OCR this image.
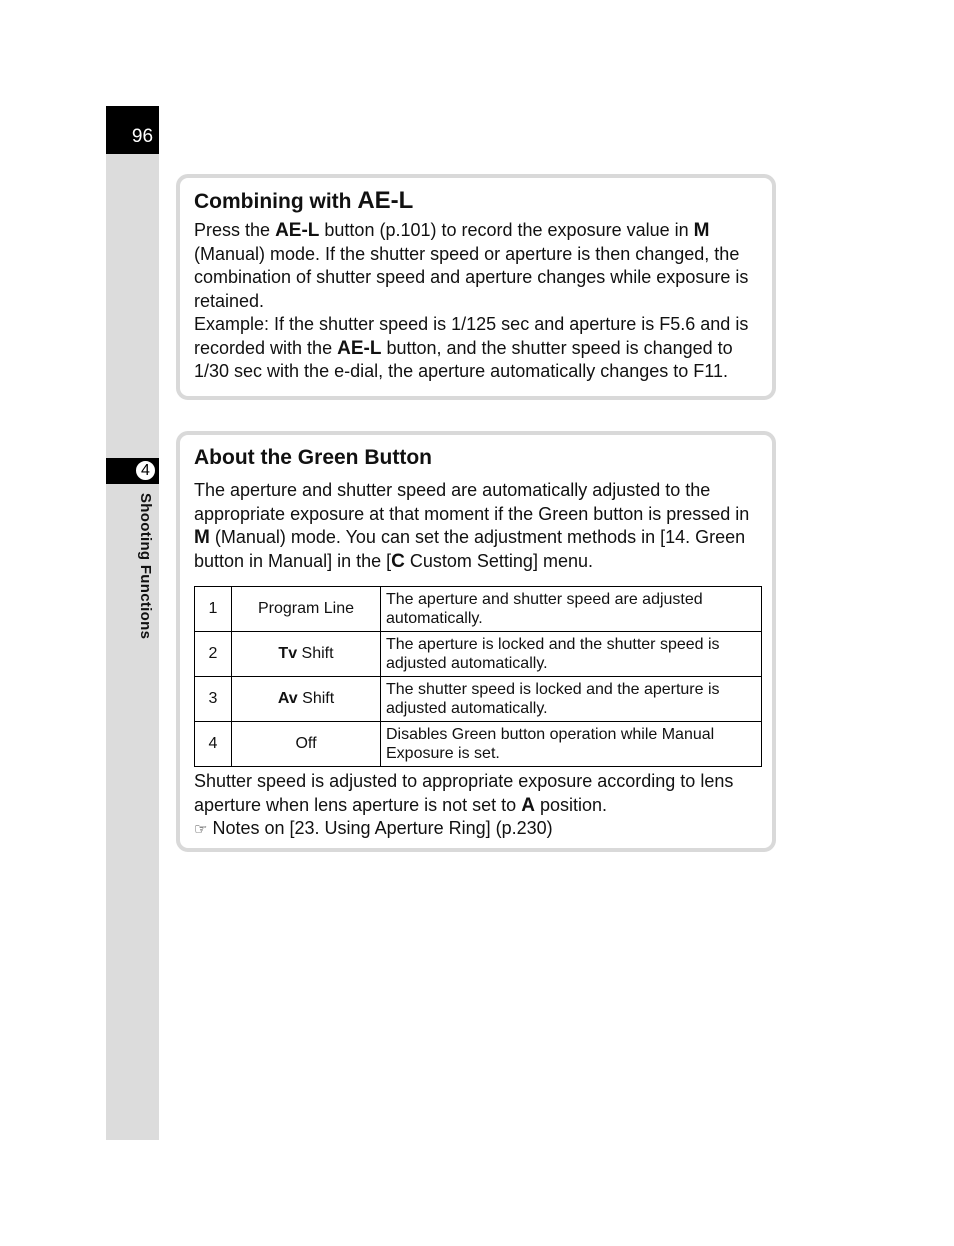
96
4
Shooting Functions
Combining with AE-L

Press the AE-L button (p.101) to record the exposure value in M (Manual) mode. If the shutter speed or aperture is then changed, the combination of shutter speed and aperture changes while exposure is retained.

Example: If the shutter speed is 1/125 sec and aperture is F5.6 and is recorded with the AE-L button, and the shutter speed is changed to 1/30 sec with the e-dial, the aperture automatically changes to F11.

About the Green Button

The aperture and shutter speed are automatically adjusted to the appropriate exposure at that moment if the Green button is pressed in M (Manual) mode. You can set the adjustment methods in [14. Green button in Manual] in the [C Custom Setting] menu.

1	Program Line	The aperture and shutter speed are adjusted automatically.
2	Tv Shift	The aperture is locked and the shutter speed is adjusted automatically.
3	Av Shift	The shutter speed is locked and the aperture is adjusted automatically.
4	Off	Disables Green button operation while Manual Exposure is set.

Shutter speed is adjusted to appropriate exposure according to lens aperture when lens aperture is not set to A position.

☞ Notes on [23. Using Aperture Ring] (p.230)
